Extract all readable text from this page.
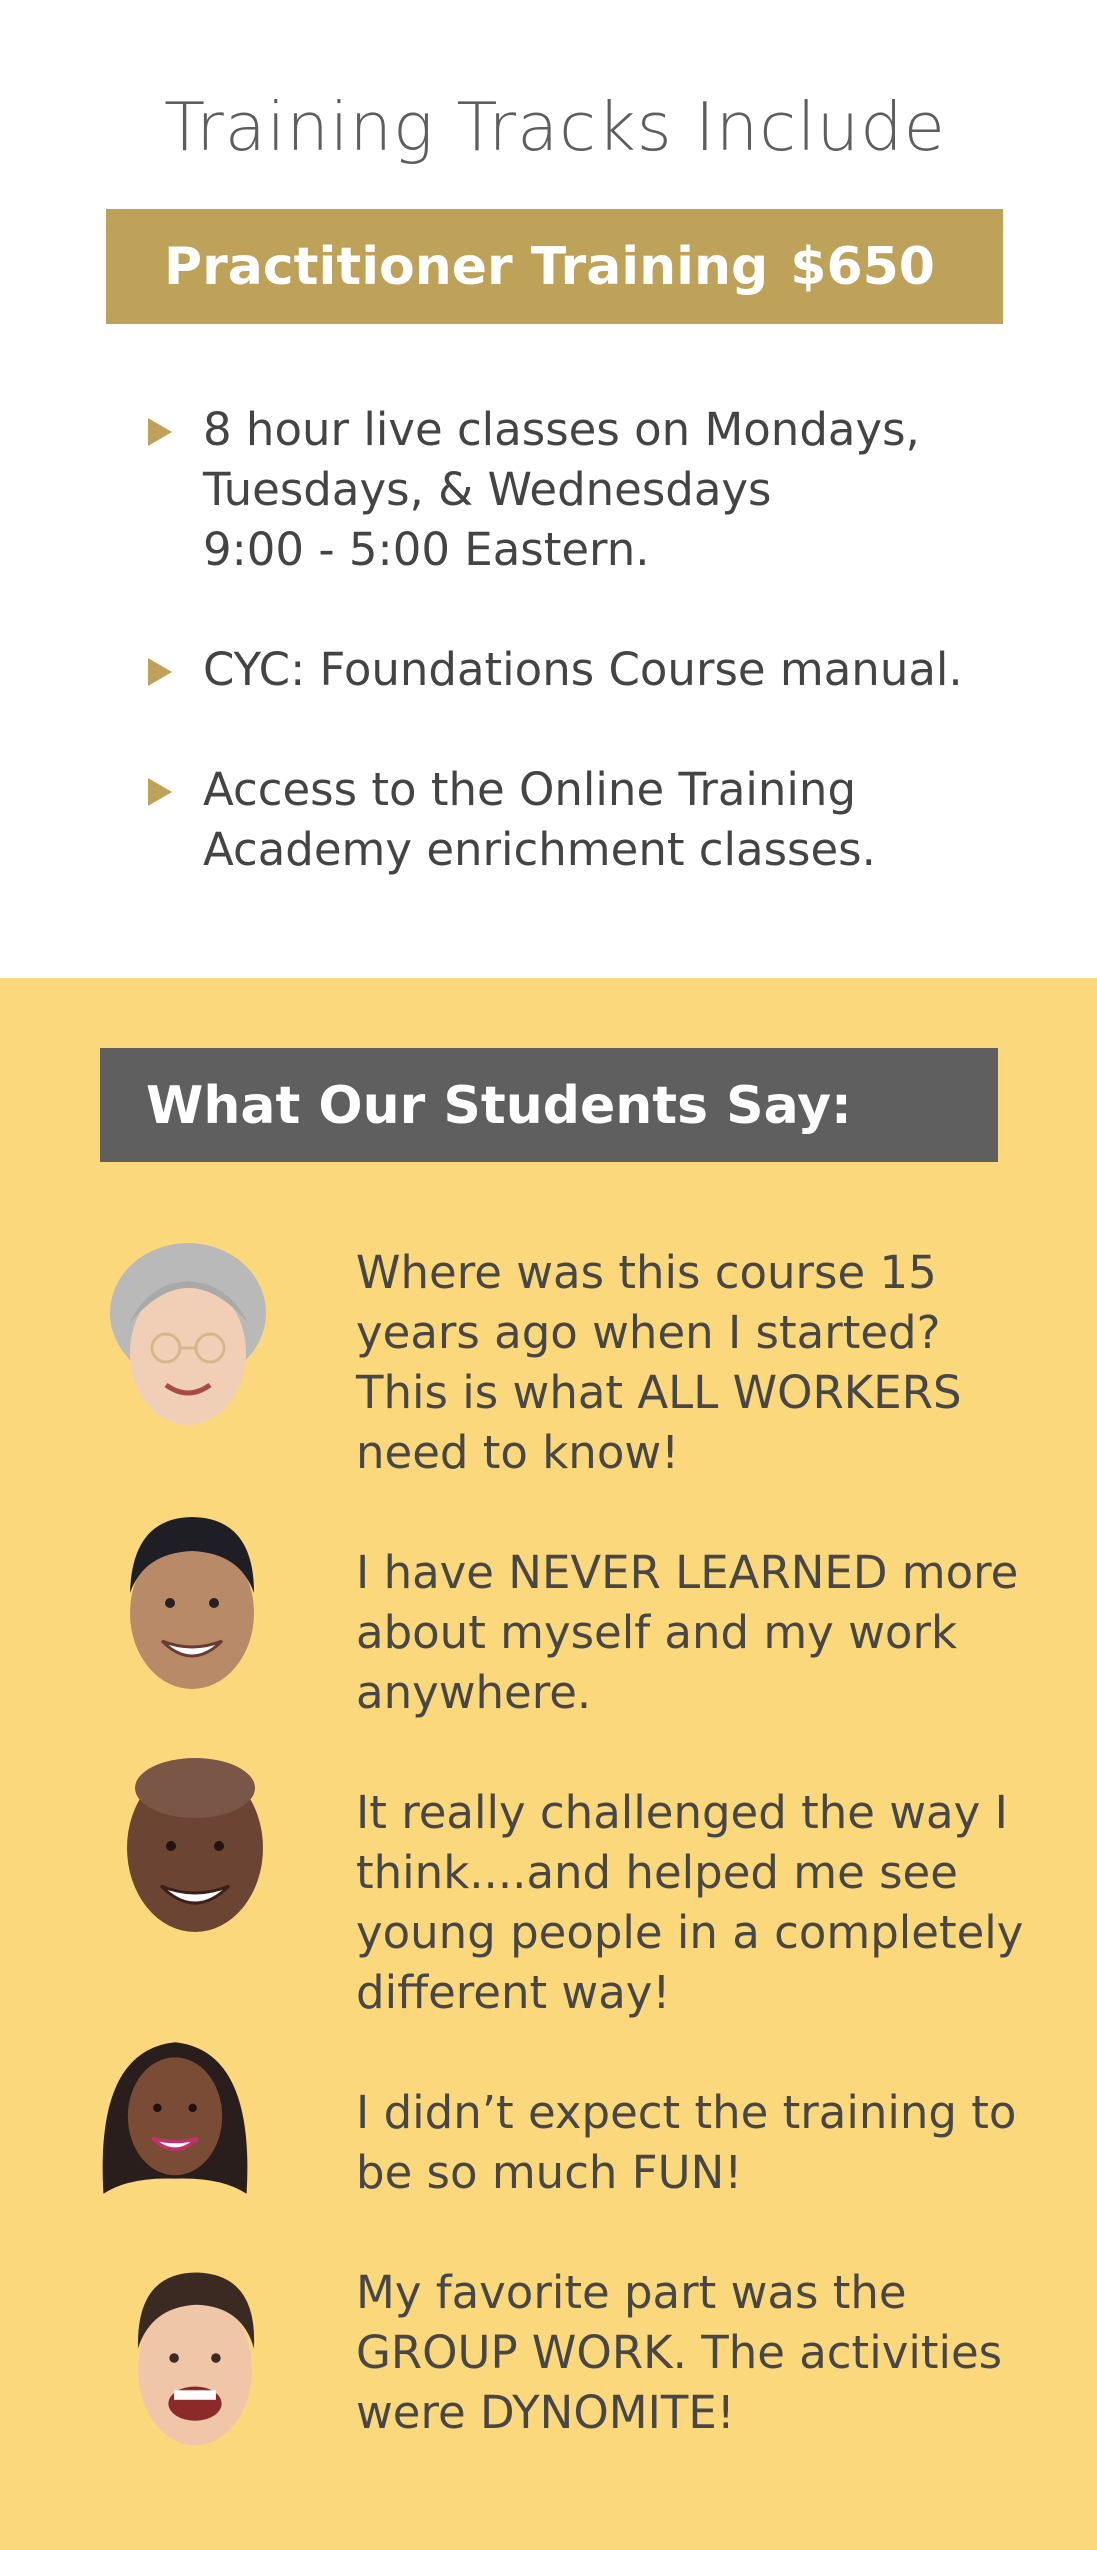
Training Tracks Include
Practitioner Training $650
8 hour live classes on Mondays,
Tuesdays, & Wednesdays
9:00 - 5:00 Eastern.
CYC: Foundations Course manual.
Access to the Online Training
Academy enrichment classes.
What Our Students Say:
Where was this course 15
years ago when I started?
This is what ALL WORKERS
need to know!
I have NEVER LEARNED more
about myself and my work
anywhere.
It really challenged the way I
think....and helped me see
young people in a completely
different way!
I didn’t expect the training to
be so much FUN!
My favorite part was the
GROUP WORK. The activities
were DYNOMITE!
